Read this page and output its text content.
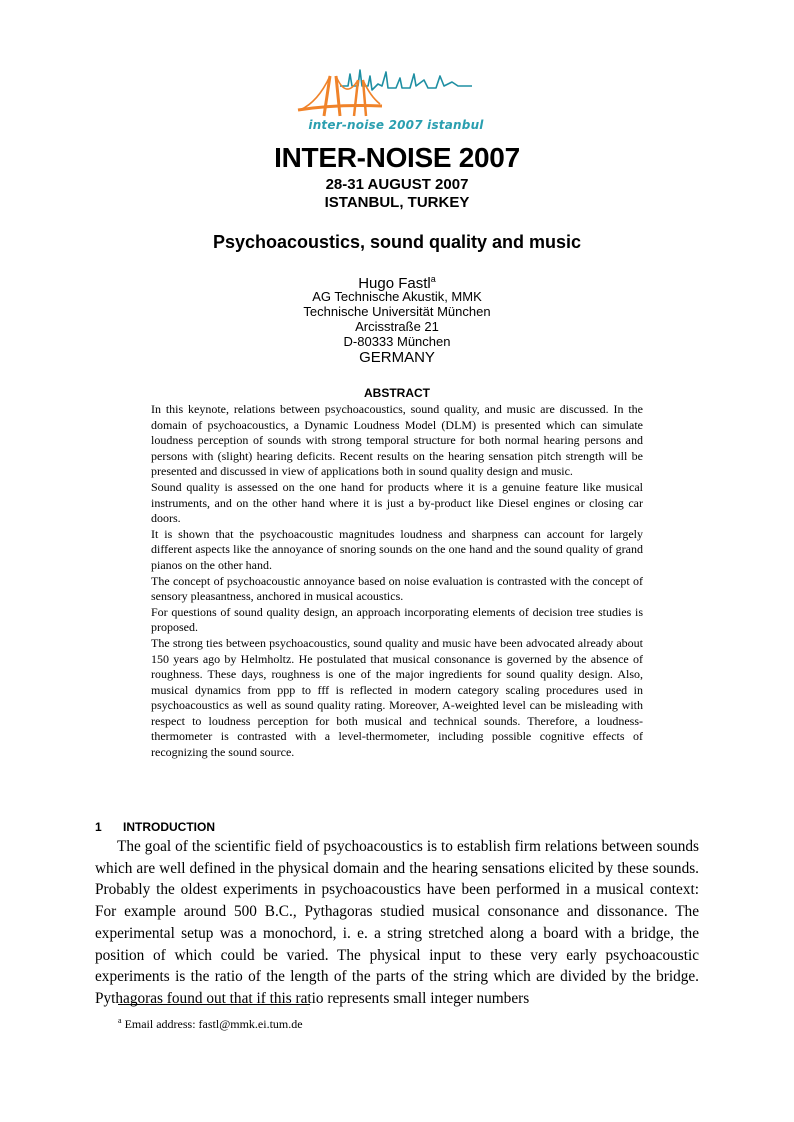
inter-noise 2007 istanbul
INTER-NOISE 2007
28-31 AUGUST 2007
ISTANBUL, TURKEY
Psychoacoustics, sound quality and music
Hugo Fastl$^a$
AG Technische Akustik, MMK
Technische Universität München
Arcisstraße 21
D-80333 München
GERMANY
ABSTRACT

In this keynote, relations between psychoacoustics, sound quality, and music are discussed. In the domain of psychoacoustics, a Dynamic Loudness Model (DLM) is presented which can simulate loudness perception of sounds with strong temporal structure for both normal hearing persons and persons with (slight) hearing deficits. Recent results on the hearing sensation pitch strength will be presented and discussed in view of applications both in sound quality design and music.

Sound quality is assessed on the one hand for products where it is a genuine feature like musical instruments, and on the other hand where it is just a by-product like Diesel engines or closing car doors.

It is shown that the psychoacoustic magnitudes loudness and sharpness can account for largely different aspects like the annoyance of snoring sounds on the one hand and the sound quality of grand pianos on the other hand.

The concept of psychoacoustic annoyance based on noise evaluation is contrasted with the concept of sensory pleasantness, anchored in musical acoustics.

For questions of sound quality design, an approach incorporating elements of decision tree studies is proposed.

The strong ties between psychoacoustics, sound quality and music have been advocated already about 150 years ago by Helmholtz. He postulated that musical consonance is governed by the absence of roughness. These days, roughness is one of the major ingredients for sound quality design. Also, musical dynamics from ppp to fff is reflected in modern category scaling procedures used in psychoacoustics as well as sound quality rating. Moreover, A-weighted level can be misleading with respect to loudness perception for both musical and technical sounds. Therefore, a loudness-thermometer is contrasted with a level-thermometer, including possible cognitive effects of recognizing the sound source.

1 INTRODUCTION

The goal of the scientific field of psychoacoustics is to establish firm relations between sounds which are well defined in the physical domain and the hearing sensations elicited by these sounds. Probably the oldest experiments in psychoacoustics have been performed in a musical context: For example around 500 B.C., Pythagoras studied musical consonance and dissonance. The experimental setup was a monochord, i. e. a string stretched along a board with a bridge, the position of which could be varied. The physical input to these very early psychoacoustic experiments is the ratio of the length of the parts of the string which are divided by the bridge. Pythagoras found out that if this ratio represents small integer numbers

$^a$ Email address: fastl@mmk.ei.tum.de
